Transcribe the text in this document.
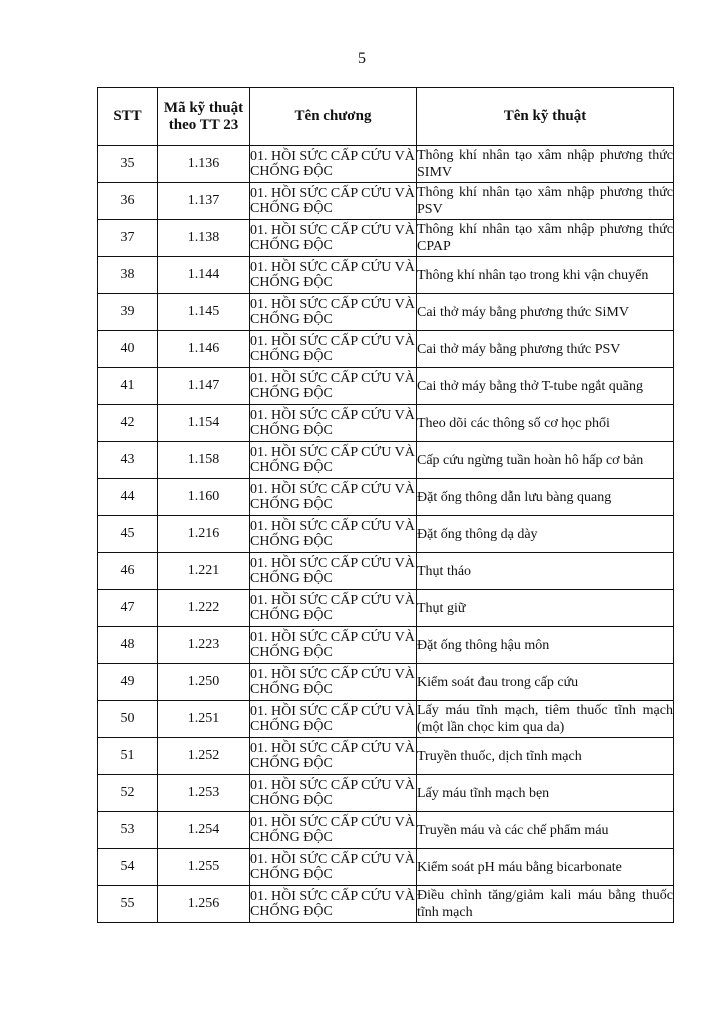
5
STT	Mã kỹ thuật theo TT 23	Tên chương	Tên kỹ thuật
35	1.136	01. HỒI SỨC CẤP CỨU VÀ CHỐNG ĐỘC	Thông khí nhân tạo xâm nhập phương thức SIMV
36	1.137	01. HỒI SỨC CẤP CỨU VÀ CHỐNG ĐỘC	Thông khí nhân tạo xâm nhập phương thức PSV
37	1.138	01. HỒI SỨC CẤP CỨU VÀ CHỐNG ĐỘC	Thông khí nhân tạo xâm nhập phương thức CPAP
38	1.144	01. HỒI SỨC CẤP CỨU VÀ CHỐNG ĐỘC	Thông khí nhân tạo trong khi vận chuyển
39	1.145	01. HỒI SỨC CẤP CỨU VÀ CHỐNG ĐỘC	Cai thở máy bằng phương thức SiMV
40	1.146	01. HỒI SỨC CẤP CỨU VÀ CHỐNG ĐỘC	Cai thở máy bằng phương thức PSV
41	1.147	01. HỒI SỨC CẤP CỨU VÀ CHỐNG ĐỘC	Cai thở máy bằng thở T-tube ngắt quãng
42	1.154	01. HỒI SỨC CẤP CỨU VÀ CHỐNG ĐỘC	Theo dõi các thông số cơ học phổi
43	1.158	01. HỒI SỨC CẤP CỨU VÀ CHỐNG ĐỘC	Cấp cứu ngừng tuần hoàn hô hấp cơ bản
44	1.160	01. HỒI SỨC CẤP CỨU VÀ CHỐNG ĐỘC	Đặt ống thông dẫn lưu bàng quang
45	1.216	01. HỒI SỨC CẤP CỨU VÀ CHỐNG ĐỘC	Đặt ống thông dạ dày
46	1.221	01. HỒI SỨC CẤP CỨU VÀ CHỐNG ĐỘC	Thụt tháo
47	1.222	01. HỒI SỨC CẤP CỨU VÀ CHỐNG ĐỘC	Thụt giữ
48	1.223	01. HỒI SỨC CẤP CỨU VÀ CHỐNG ĐỘC	Đặt ống thông hậu môn
49	1.250	01. HỒI SỨC CẤP CỨU VÀ CHỐNG ĐỘC	Kiểm soát đau trong cấp cứu
50	1.251	01. HỒI SỨC CẤP CỨU VÀ CHỐNG ĐỘC	Lấy máu tĩnh mạch, tiêm thuốc tĩnh mạch (một lần chọc kim qua da)
51	1.252	01. HỒI SỨC CẤP CỨU VÀ CHỐNG ĐỘC	Truyền thuốc, dịch tĩnh mạch
52	1.253	01. HỒI SỨC CẤP CỨU VÀ CHỐNG ĐỘC	Lấy máu tĩnh mạch bẹn
53	1.254	01. HỒI SỨC CẤP CỨU VÀ CHỐNG ĐỘC	Truyền máu và các chế phẩm máu
54	1.255	01. HỒI SỨC CẤP CỨU VÀ CHỐNG ĐỘC	Kiểm soát pH máu bằng bicarbonate
55	1.256	01. HỒI SỨC CẤP CỨU VÀ CHỐNG ĐỘC	Điều chỉnh tăng/giảm kali máu bằng thuốc tĩnh mạch
